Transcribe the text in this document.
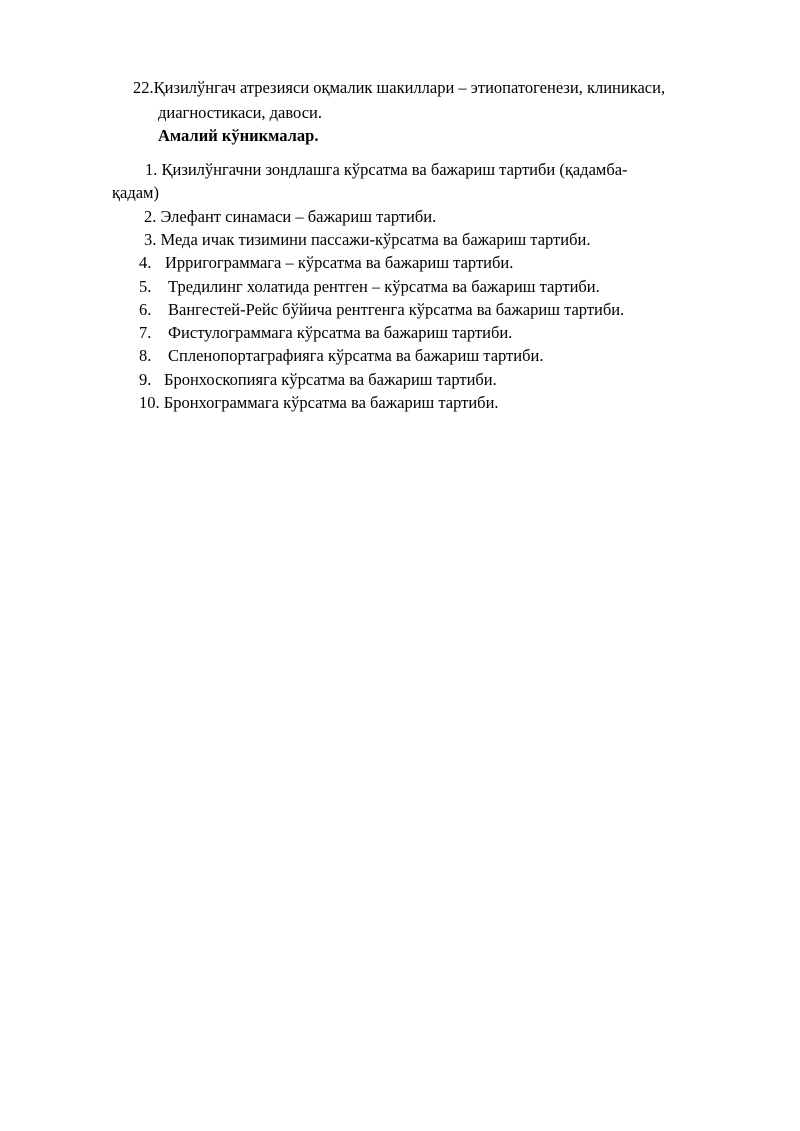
22.Қизилўнгач атрезияси оқмалик шакиллари – этиопатогенези, клиникаси,
диагностикаси, давоси.
Амалий кўникмалар.
1. Қизилўнгачни зондлашга кўрсатма ва бажариш тартиби (қадамба-
қадам)
2. Элефант синамаси – бажариш тартиби.
3. Меда ичак тизимини пассажи-кўрсатма ва бажариш тартиби.
4. Ирригограммага – кўрсатма ва бажариш тартиби.
5. Тредилинг холатида рентген – кўрсатма ва бажариш тартиби.
6. Вангестей-Рейс бўйича рентгенга кўрсатма ва бажариш тартиби.
7. Фистулограммага кўрсатма ва бажариш тартиби.
8. Спленопортаграфияга кўрсатма ва бажариш тартиби.
9. Бронхоскопияга кўрсатма ва бажариш тартиби.
10. Бронхограммага кўрсатма ва бажариш тартиби.
